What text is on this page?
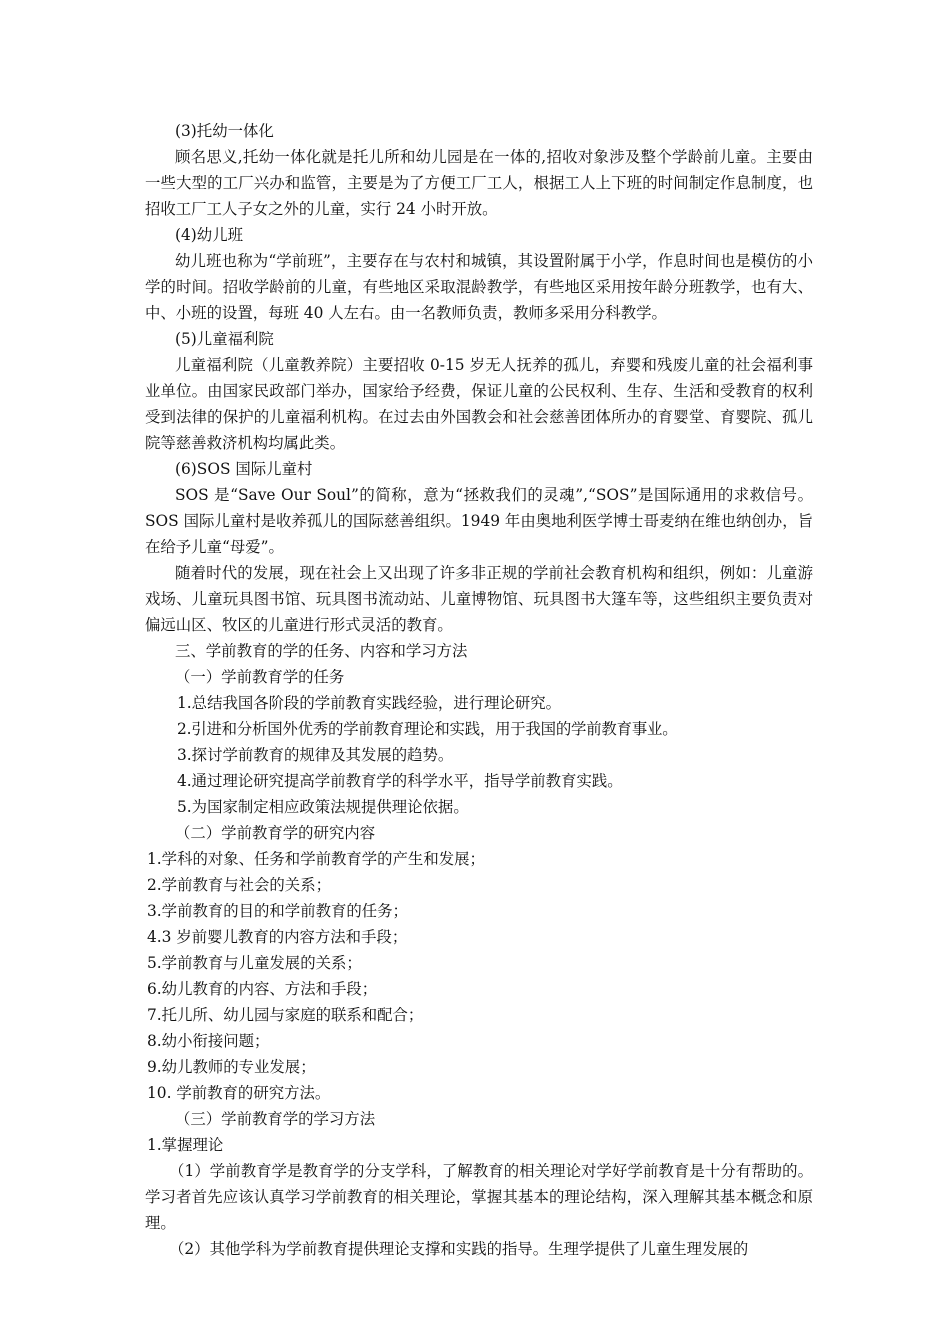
(3)托幼一体化

顾名思义,托幼一体化就是托儿所和幼儿园是在一体的,招收对象涉及整个学龄前儿童。主要由一些大型的工厂兴办和监管，主要是为了方便工厂工人，根据工人上下班的时间制定作息制度，也招收工厂工人子女之外的儿童，实行 24 小时开放。

(4)幼儿班

幼儿班也称为“学前班”，主要存在与农村和城镇，其设置附属于小学，作息时间也是模仿的小学的时间。招收学龄前的儿童，有些地区采取混龄教学，有些地区采用按年龄分班教学，也有大、中、小班的设置，每班 40 人左右。由一名教师负责，教师多采用分科教学。

(5)儿童福利院

儿童福利院（儿童教养院）主要招收 0-15 岁无人抚养的孤儿，弃婴和残废儿童的社会福利事业单位。由国家民政部门举办，国家给予经费，保证儿童的公民权利、生存、生活和受教育的权利受到法律的保护的儿童福利机构。在过去由外国教会和社会慈善团体所办的育婴堂、育婴院、孤儿院等慈善救济机构均属此类。

(6)SOS 国际儿童村

SOS 是“Save Our Soul”的简称，意为“拯救我们的灵魂”,“SOS”是国际通用的求救信号。SOS 国际儿童村是收养孤儿的国际慈善组织。1949 年由奥地利医学博士哥麦纳在维也纳创办，旨在给予儿童“母爱”。

随着时代的发展，现在社会上又出现了许多非正规的学前社会教育机构和组织，例如：儿童游戏场、儿童玩具图书馆、玩具图书流动站、儿童博物馆、玩具图书大篷车等，这些组织主要负责对偏远山区、牧区的儿童进行形式灵活的教育。

三、学前教育的学的任务、内容和学习方法

（一）学前教育学的任务

1.总结我国各阶段的学前教育实践经验，进行理论研究。

2.引进和分析国外优秀的学前教育理论和实践，用于我国的学前教育事业。

3.探讨学前教育的规律及其发展的趋势。

4.通过理论研究提高学前教育学的科学水平，指导学前教育实践。

5.为国家制定相应政策法规提供理论依据。

（二）学前教育学的研究内容

1.学科的对象、任务和学前教育学的产生和发展；

2.学前教育与社会的关系；

3.学前教育的目的和学前教育的任务；

4.3 岁前婴儿教育的内容方法和手段；

5.学前教育与儿童发展的关系；

6.幼儿教育的内容、方法和手段；

7.托儿所、幼儿园与家庭的联系和配合；

8.幼小衔接问题；

9.幼儿教师的专业发展；

10. 学前教育的研究方法。

（三）学前教育学的学习方法

1.掌握理论

（1）学前教育学是教育学的分支学科，了解教育的相关理论对学好学前教育是十分有帮助的。学习者首先应该认真学习学前教育的相关理论，掌握其基本的理论结构，深入理解其基本概念和原理。

（2）其他学科为学前教育提供理论支撑和实践的指导。生理学提供了儿童生理发展的
